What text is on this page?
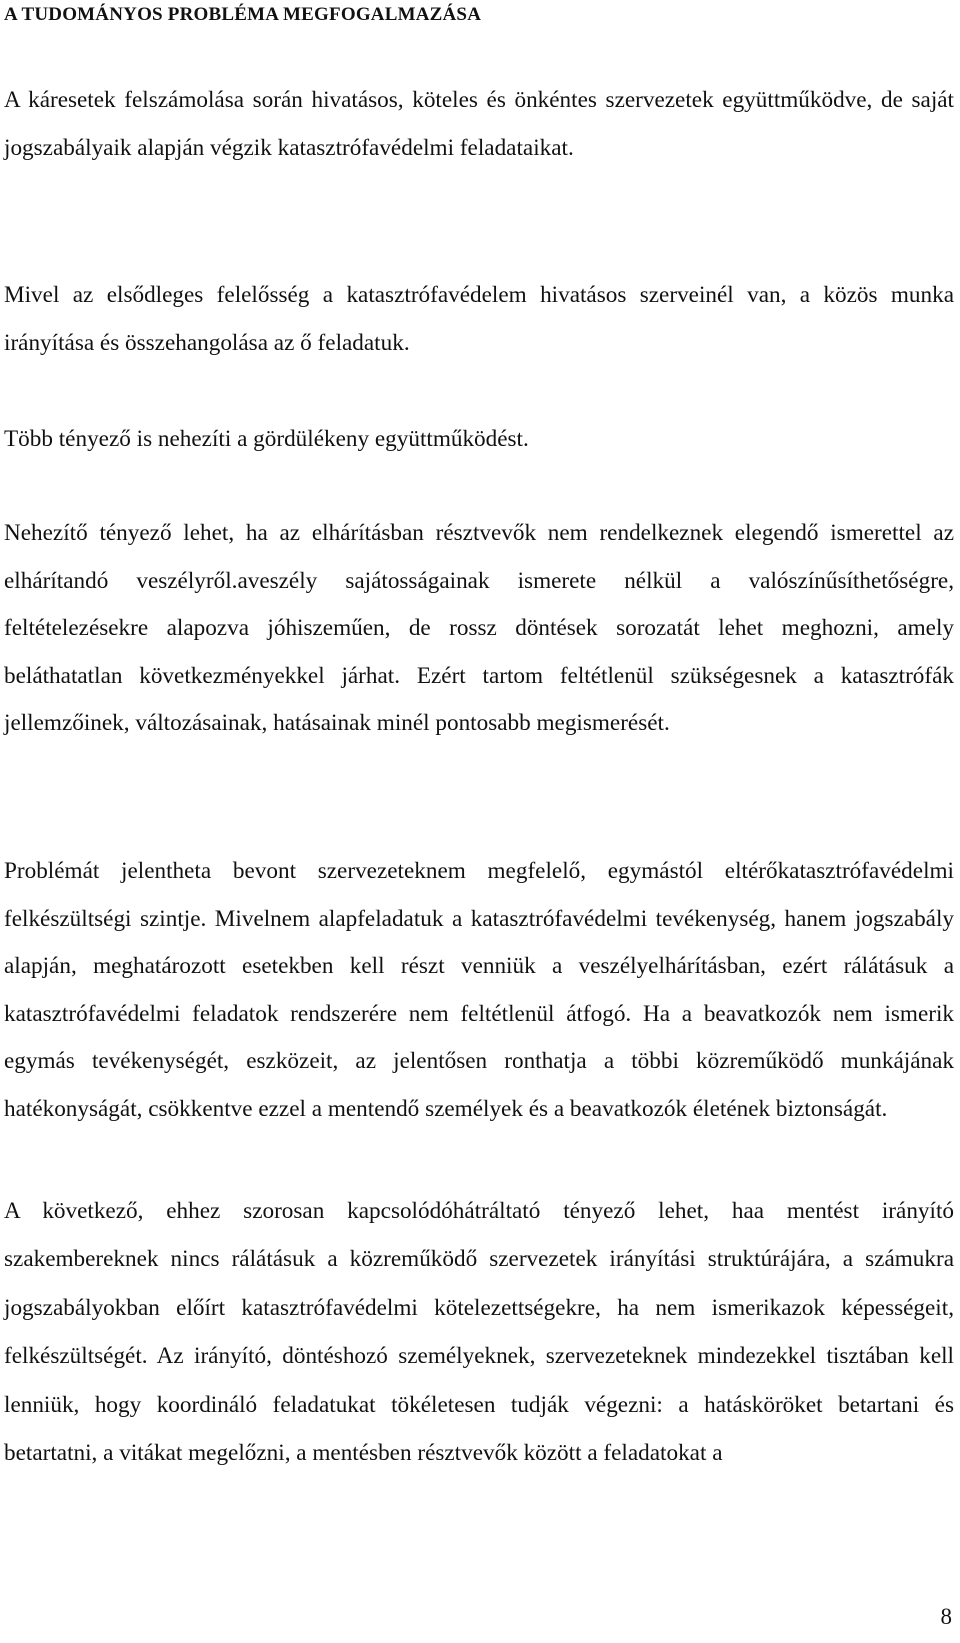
A TUDOMÁNYOS PROBLÉMA MEGFOGALMAZÁSA

A káresetek felszámolása során hivatásos, köteles és önkéntes szervezetek együttműködve, de saját jogszabályaik alapján végzik katasztrófavédelmi feladataikat.

Mivel az elsődleges felelősség a katasztrófavédelem hivatásos szerveinél van, a közös munka irányítása és összehangolása az ő feladatuk.

Több tényező is nehezíti a gördülékeny együttműködést.

Nehezítő tényező lehet, ha az elhárításban résztvevők nem rendelkeznek elegendő ismerettel az elhárítandó veszélyről.aveszély sajátosságainak ismerete nélkül a valószínűsíthetőségre, feltételezésekre alapozva jóhiszeműen, de rossz döntések sorozatát lehet meghozni, amely beláthatatlan következményekkel járhat. Ezért tartom feltétlenül szükségesnek a katasztrófák jellemzőinek, változásainak, hatásainak minél pontosabb megismerését.

Problémát jelentheta bevont szervezeteknem megfelelő, egymástól eltérőkatasztrófavédelmi felkészültségi szintje. Mivelnem alapfeladatuk a katasztrófavédelmi tevékenység, hanem jogszabály alapján, meghatározott esetekben kell részt venniük a veszélyelhárításban, ezért rálátásuk a katasztrófavédelmi feladatok rendszerére nem feltétlenül átfogó. Ha a beavatkozók nem ismerik egymás tevékenységét, eszközeit, az jelentősen ronthatja a többi közreműködő munkájának hatékonyságát, csökkentve ezzel a mentendő személyek és a beavatkozók életének biztonságát.

A következő, ehhez szorosan kapcsolódóhátráltató tényező lehet, haa mentést irányító szakembereknek nincs rálátásuk a közreműködő szervezetek irányítási struktúrájára, a számukra jogszabályokban előírt katasztrófavédelmi kötelezettségekre, ha nem ismerikazok képességeit, felkészültségét. Az irányító, döntéshozó személyeknek, szervezeteknek mindezekkel tisztában kell lenniük, hogy koordináló feladatukat tökéletesen tudják végezni: a hatásköröket betartani és betartatni, a vitákat megelőzni, a mentésben résztvevők között a feladatokat a

8
